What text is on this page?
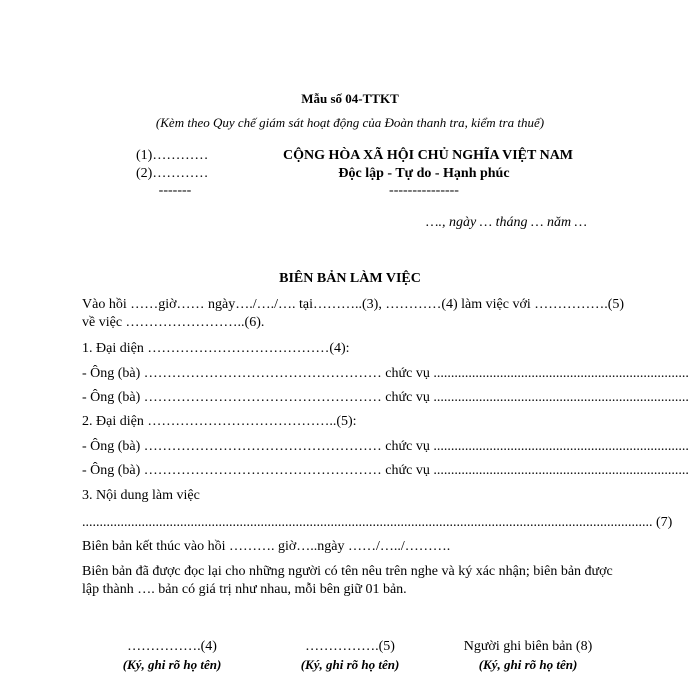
Mẫu số 04-TTKT
(Kèm theo Quy chế giám sát hoạt động của Đoàn thanh tra, kiểm tra thuế)
(1)…………
(2)…………
-------
CỘNG HÒA XÃ HỘI CHỦ NGHĨA VIỆT NAM
Độc lập - Tự do - Hạnh phúc
---------------
…., ngày … tháng … năm …
BIÊN BẢN LÀM VIỆC
Vào hồi ……giờ…… ngày…./…./…. tại………..(3), …………(4) làm việc với …………….(5)
về việc ……………………..(6).
1. Đại diện …………………………………(4):
- Ông (bà) …………………………………………… chức vụ .........................................................................
- Ông (bà) …………………………………………… chức vụ .........................................................................
2. Đại diện …………………………………..(5):
- Ông (bà) …………………………………………… chức vụ .........................................................................
- Ông (bà) …………………………………………… chức vụ .........................................................................
3. Nội dung làm việc
................................................................................................................................................................... (7)
Biên bản kết thúc vào hồi ………. giờ…..ngày ……/…../……….
Biên bản đã được đọc lại cho những người có tên nêu trên nghe và ký xác nhận; biên bản được
lập thành …. bản có giá trị như nhau, mỗi bên giữ 01 bản.
…………….(4)
(Ký, ghi rõ họ tên)
…………….(5)
(Ký, ghi rõ họ tên)
Người ghi biên bản (8)
(Ký, ghi rõ họ tên)
